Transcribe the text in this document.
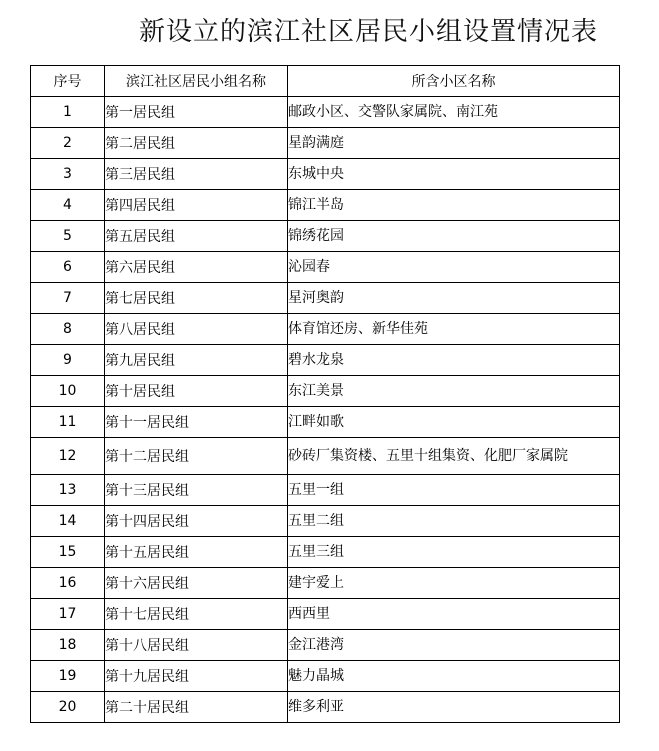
新设立的滨江社区居民小组设置情况表
序号	滨江社区居民小组名称	所含小区名称
1	第一居民组	邮政小区、交警队家属院、南江苑
2	第二居民组	星韵满庭
3	第三居民组	东城中央
4	第四居民组	锦江半岛
5	第五居民组	锦绣花园
6	第六居民组	沁园春
7	第七居民组	星河奥韵
8	第八居民组	体育馆还房、新华佳苑
9	第九居民组	碧水龙泉
10	第十居民组	东江美景
11	第十一居民组	江畔如歌
12	第十二居民组	砂砖厂集资楼、五里十组集资、化肥厂家属院
13	第十三居民组	五里一组
14	第十四居民组	五里二组
15	第十五居民组	五里三组
16	第十六居民组	建宇爱上
17	第十七居民组	西西里
18	第十八居民组	金江港湾
19	第十九居民组	魅力晶城
20	第二十居民组	维多利亚
